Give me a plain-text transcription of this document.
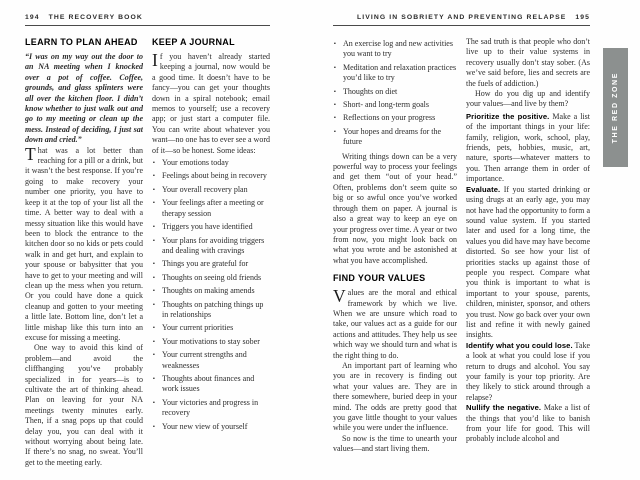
194 THE RECOVERY BOOK
LEARN TO PLAN AHEAD

“I was on my way out the door to an NA meeting when I knocked over a pot of coffee. Coffee, grounds, and glass splinters were all over the kitchen floor. I didn’t know whether to just walk out and go to my meeting or clean up the mess. Instead of deciding, I just sat down and cried.”

That was a lot better than reaching for a pill or a drink, but it wasn’t the best response. If you’re going to make recovery your number one priority, you have to keep it at the top of your list all the time. A better way to deal with a messy situation like this would have been to block the entrance to the kitchen door so no kids or pets could walk in and get hurt, and explain to your spouse or babysitter that you have to get to your meeting and will clean up the mess when you return. Or you could have done a quick cleanup and gotten to your meeting a little late. Bottom line, don’t let a little mishap like this turn into an excuse for missing a meeting.

One way to avoid this kind of problem—and avoid the cliffhanging you’ve probably specialized in for years—is to cultivate the art of thinking ahead. Plan on leaving for your NA meetings twenty minutes early. Then, if a snag pops up that could delay you, you can deal with it without worrying about being late. If there’s no snag, no sweat. You’ll get to the meeting early.

KEEP A JOURNAL

If you haven’t already started keeping a journal, now would be a good time. It doesn’t have to be fancy—you can get your thoughts down in a spiral notebook; email memos to yourself; use a recovery app; or just start a computer file. You can write about whatever you want—no one has to ever see a word of it—so be honest. Some ideas:

▪ Your emotions today
▪ Feelings about being in recovery
▪ Your overall recovery plan
▪ Your feelings after a meeting or therapy session
▪ Triggers you have identified
▪ Your plans for avoiding triggers and dealing with cravings
▪ Things you are grateful for
▪ Thoughts on seeing old friends
▪ Thoughts on making amends
▪ Thoughts on patching things up in relationships
▪ Your current priorities
▪ Your motivations to stay sober
▪ Your current strengths and weaknesses
▪ Thoughts about finances and work issues
▪ Your victories and progress in recovery
▪ Your new view of yourself
LIVING IN SOBRIETY AND PREVENTING RELAPSE 195
▪ An exercise log and new activities you want to try
▪ Meditation and relaxation practices you’d like to try
▪ Thoughts on diet
▪ Short- and long-term goals
▪ Reflections on your progress
▪ Your hopes and dreams for the future

Writing things down can be a very powerful way to process your feelings and get them “out of your head.” Often, problems don’t seem quite so big or so awful once you’ve worked through them on paper. A journal is also a great way to keep an eye on your progress over time. A year or two from now, you might look back on what you wrote and be astonished at what you have accomplished.

FIND YOUR VALUES

Values are the moral and ethical framework by which we live. When we are unsure which road to take, our values act as a guide for our actions and attitudes. They help us see which way we should turn and what is the right thing to do.

An important part of learning who you are in recovery is finding out what your values are. They are in there somewhere, buried deep in your mind. The odds are pretty good that you gave little thought to your values while you were under the influence.

So now is the time to unearth your values—and start living them.

The sad truth is that people who don’t live up to their value systems in recovery usually don’t stay sober. (As we’ve said before, lies and secrets are the fuels of addiction.)

How do you dig up and identify your values—and live by them?

Prioritize the positive. Make a list of the important things in your life: family, religion, work, school, play, friends, pets, hobbies, music, art, nature, sports—whatever matters to you. Then arrange them in order of importance.

Evaluate. If you started drinking or using drugs at an early age, you may not have had the opportunity to form a sound value system. If you started later and used for a long time, the values you did have may have become distorted. So see how your list of priorities stacks up against those of people you respect. Compare what you think is important to what is important to your spouse, parents, children, minister, sponsor, and others you trust. Now go back over your own list and refine it with newly gained insights.

Identify what you could lose. Take a look at what you could lose if you return to drugs and alcohol. You say your family is your top priority. Are they likely to stick around through a relapse?

Nullify the negative. Make a list of the things that you’d like to banish from your life for good. This will probably include alcohol and

THE RED ZONE
